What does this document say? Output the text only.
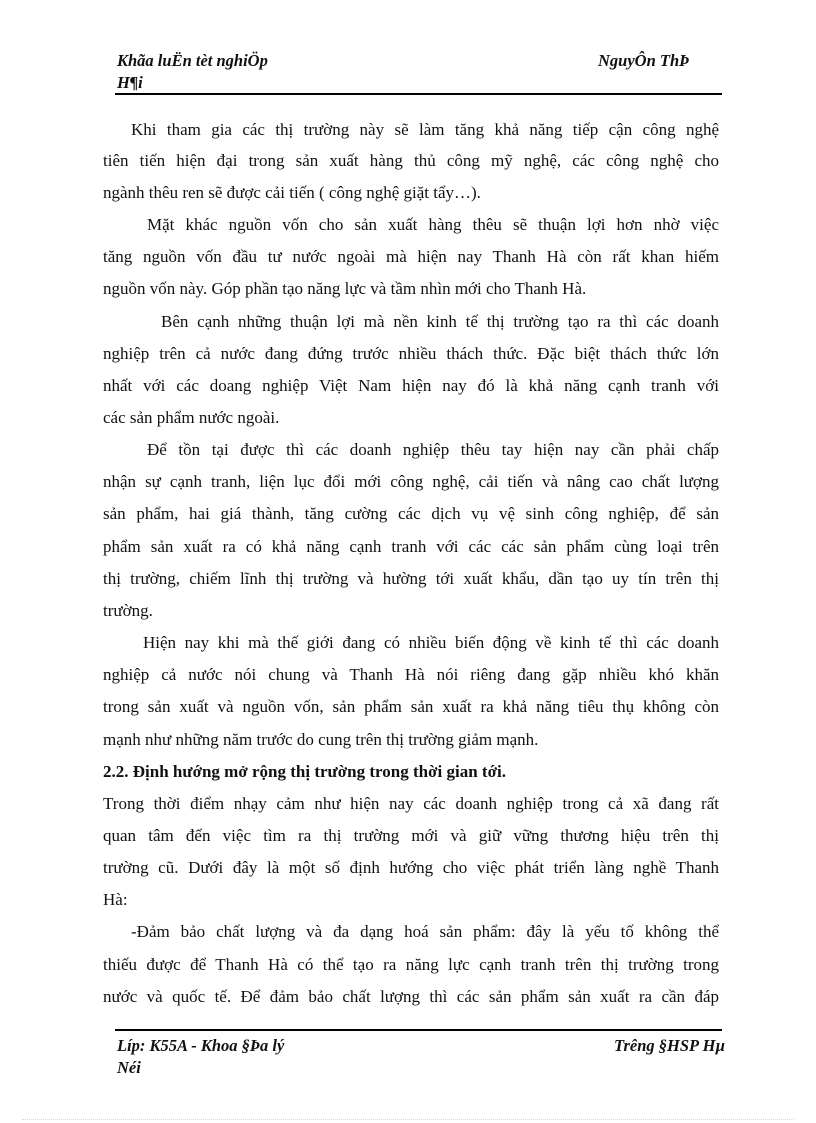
Khãa luËn tèt nghiÖp
H¶i
NguyÔn ThÞ
Khi tham gia các thị trường này sẽ làm tăng khả năng tiếp cận công nghệ
tiên tiến hiện đại trong sản xuất hàng thủ công mỹ nghệ, các công nghệ cho
ngành thêu ren sẽ được cải tiến ( công nghệ giặt tẩy…).
Mặt khác nguồn vốn cho sản xuất hàng thêu sẽ thuận lợi hơn nhờ việc
tăng nguồn vốn đầu tư nước ngoài mà hiện nay Thanh Hà còn rất khan hiếm
nguồn vốn này. Góp phần tạo năng lực và tầm nhìn mới cho Thanh Hà.
Bên cạnh những thuận lợi mà nền kinh tế thị trường tạo ra thì các doanh
nghiệp trên cả nước đang đứng trước nhiều thách thức. Đặc biệt thách thức lớn
nhất với các doang nghiệp Việt Nam hiện nay đó là khả năng cạnh tranh với
các sản phẩm nước ngoài.
Để tồn tại được thì các doanh nghiệp thêu tay hiện nay cần phải chấp
nhận sự cạnh tranh, liện lục đổi mới công nghệ, cải tiến và nâng cao chất lượng
sản phẩm, hai giá thành, tăng cường các dịch vụ vệ sinh công nghiệp, để sản
phẩm sản xuất ra có khả năng cạnh tranh với các các sản phẩm cùng loại trên
thị trường, chiếm lĩnh thị trường và hường tới xuất khẩu, dần tạo uy tín trên thị
trường.
Hiện nay khi mà thế giới đang có nhiều biến động về kinh tế thì các doanh
nghiệp cả nước nói chung và Thanh Hà nói riêng đang gặp nhiều khó khăn
trong sản xuất và nguồn vốn, sản phẩm sản xuất ra khả năng tiêu thụ không còn
mạnh như những năm trước do cung trên thị trường giảm mạnh.
2.2. Định hướng mở rộng thị trường trong thời gian tới.
Trong thời điểm nhạy cảm như hiện nay các doanh nghiệp trong cả xã đang rất
quan tâm đến việc tìm ra thị trường mới và giữ vững thương hiệu trên thị
trường cũ. Dưới đây là một số định hướng cho việc phát triển làng nghề Thanh
Hà:
-Đảm bảo chất lượng và đa dạng hoá sản phẩm: đây là yếu tố không thể
thiếu được để Thanh Hà có thể tạo ra năng lực cạnh tranh trên thị trường trong
nước và quốc tế. Để đảm bảo chất lượng thì các sản phẩm sản xuất ra cần đáp
Líp: K55A - Khoa §Þa lý
Néi
Trêng §HSP Hµ
